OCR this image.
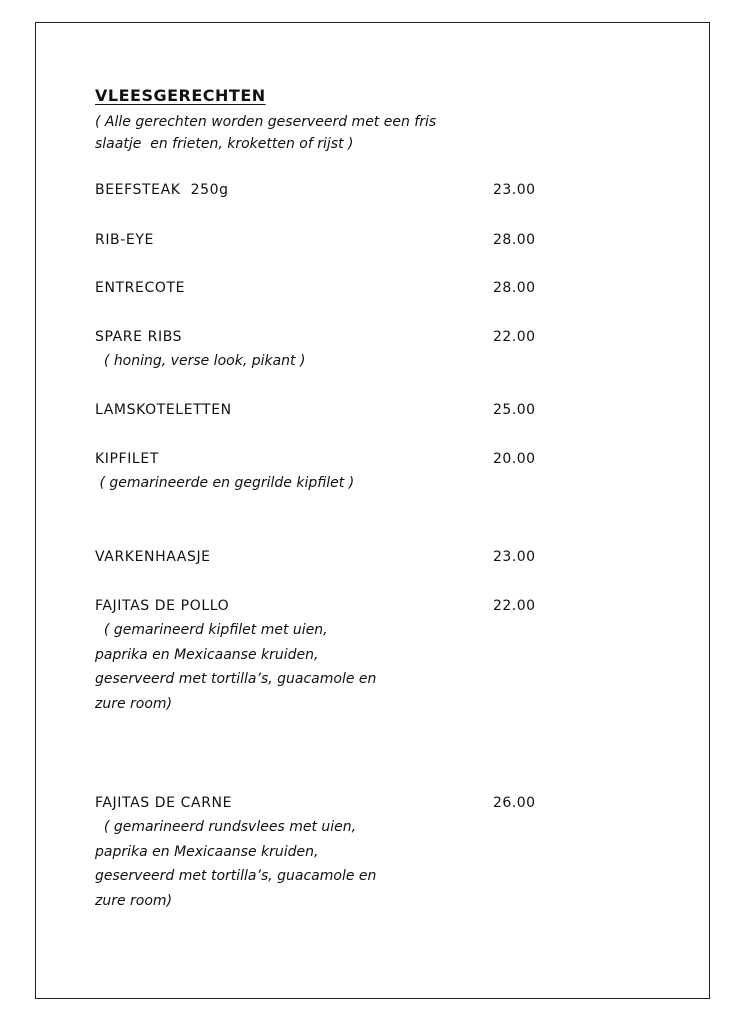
VLEESGERECHTEN
( Alle gerechten worden geserveerd met een fris
slaatje  en frieten, kroketten of rijst )
BEEFSTEAK  250g	23.00
RIB-EYE	28.00
ENTRECOTE	28.00
SPARE RIBS	22.00
( honing, verse look, pikant )
LAMSKOTELETTEN	25.00
KIPFILET	20.00
( gemarineerde en gegrilde kipfilet )
VARKENHAASJE	23.00
FAJITAS DE POLLO	22.00
( gemarineerd kipfilet met uien,
paprika en Mexicaanse kruiden,
geserveerd met tortilla’s, guacamole en
zure room)
FAJITAS DE CARNE	26.00
( gemarineerd rundsvlees met uien,
paprika en Mexicaanse kruiden,
geserveerd met tortilla’s, guacamole en
zure room)
